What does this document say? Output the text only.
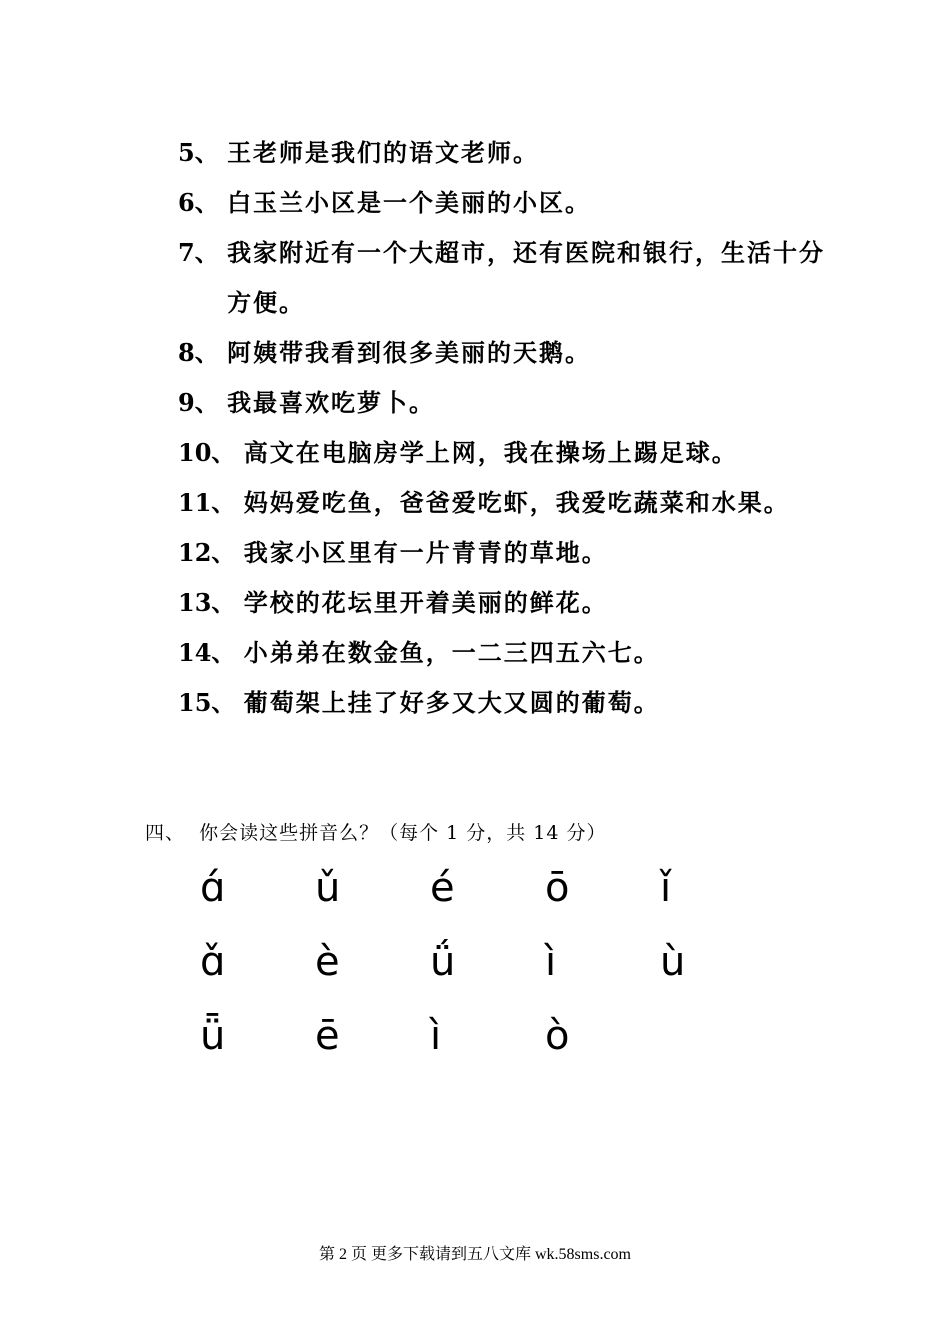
5、 王老师是我们的语文老师。
6、 白玉兰小区是一个美丽的小区。
7、 我家附近有一个大超市，还有医院和银行，生活十分方便。
8、 阿姨带我看到很多美丽的天鹅。
9、 我最喜欢吃萝卜。
10、 高文在电脑房学上网，我在操场上踢足球。
11、 妈妈爱吃鱼，爸爸爱吃虾，我爱吃蔬菜和水果。
12、 我家小区里有一片青青的草地。
13、 学校的花坛里开着美丽的鲜花。
14、 小弟弟在数金鱼，一二三四五六七。
15、 葡萄架上挂了好多又大又圆的葡萄。
四、  你会读这些拼音么？（每个 1 分，共 14 分）
ɑ́	ǔ	é	ō	ǐ
ɑ̌	è	ǘ	ì	ù
ǖ	ē	ì	ò
第 2 页 更多下载请到五八文库 wk.58sms.com
